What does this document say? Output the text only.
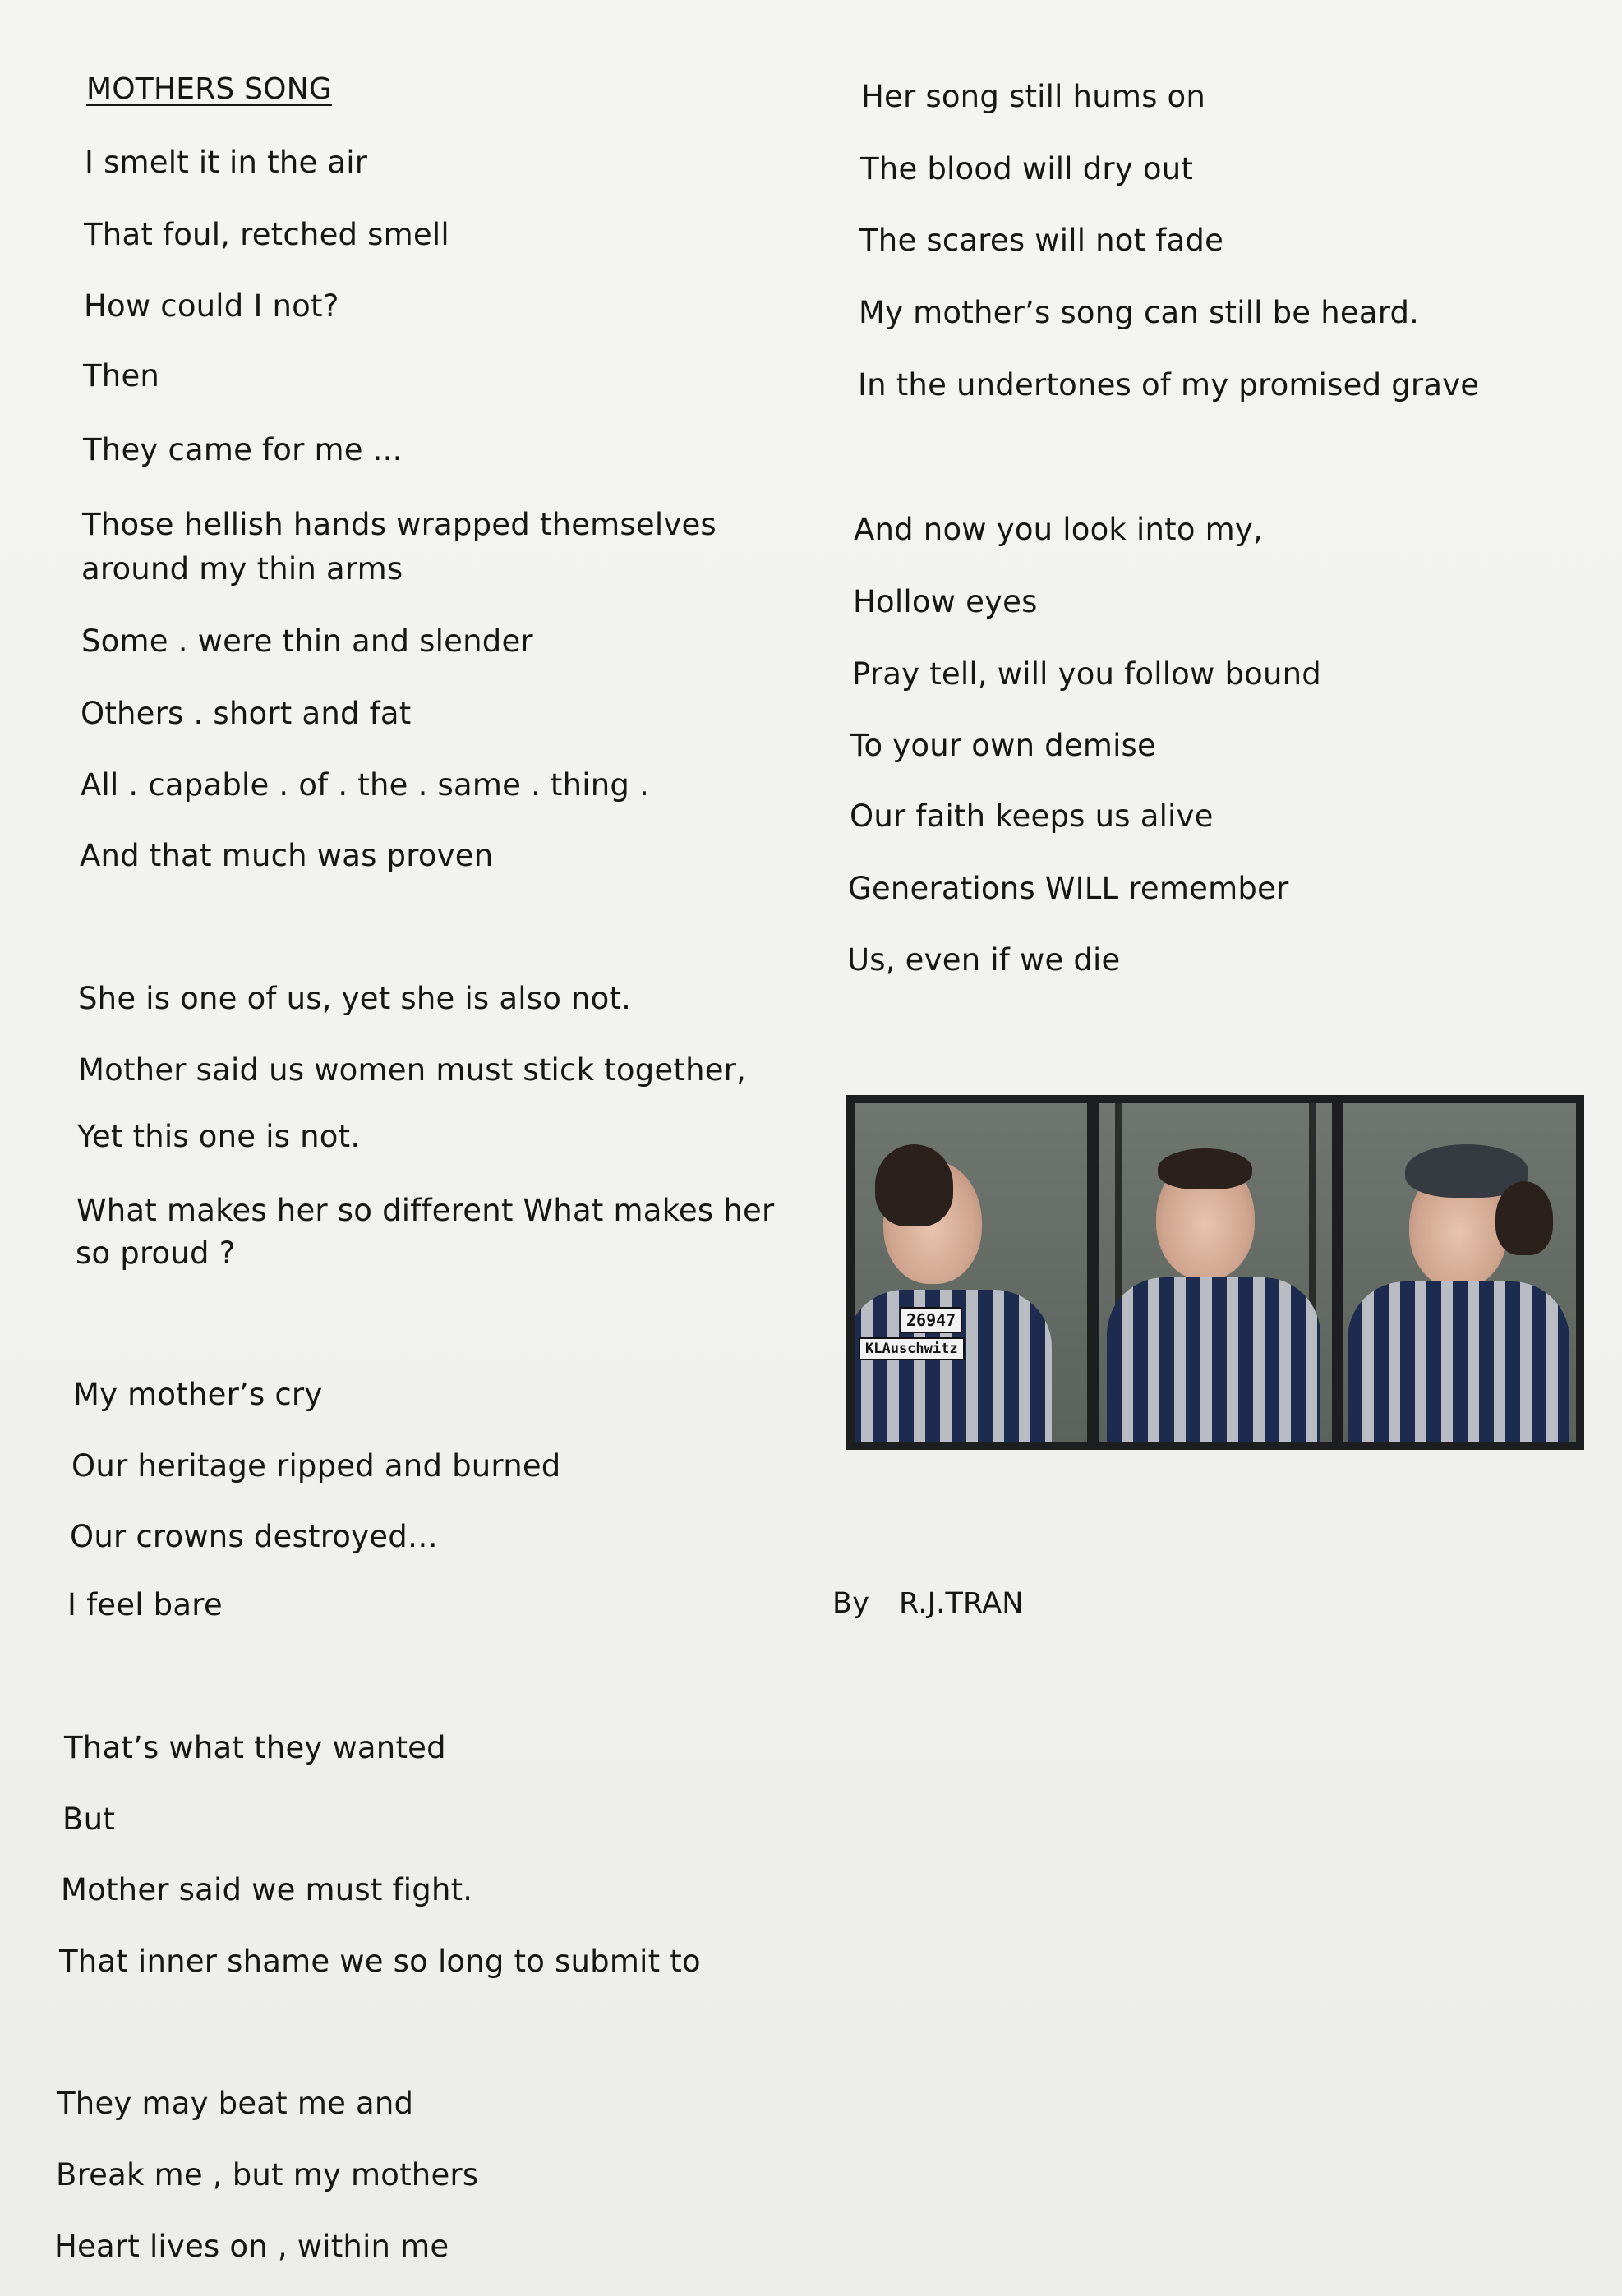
MOTHERS SONG
I smelt it in the air
That foul, retched smell
How could I not?
Then
They came for me ...
Those hellish hands wrapped themselves
around my thin arms
Some . were thin and slender
Others . short and fat
All . capable . of . the . same . thing .
And that much was proven
She is one of us, yet she is also not.
Mother said us women must stick together,
Yet this one is not.
What makes her so different What makes her
so proud ?
My mother’s cry
Our heritage ripped and burned
Our crowns destroyed…
I feel bare
That’s what they wanted
But
Mother said we must fight.
That inner shame we so long to submit to
They may beat me and
Break me , but my mothers
Heart lives on , within me
Her song still hums on
The blood will dry out
The scares will not fade
My mother’s song can still be heard.
In the undertones of my promised grave
And now you look into my,
Hollow eyes
Pray tell, will you follow bound
To your own demise
Our faith keeps us alive
Generations WILL remember
Us, even if we die
26947
KLAuschwitz
By R.J.TRAN
